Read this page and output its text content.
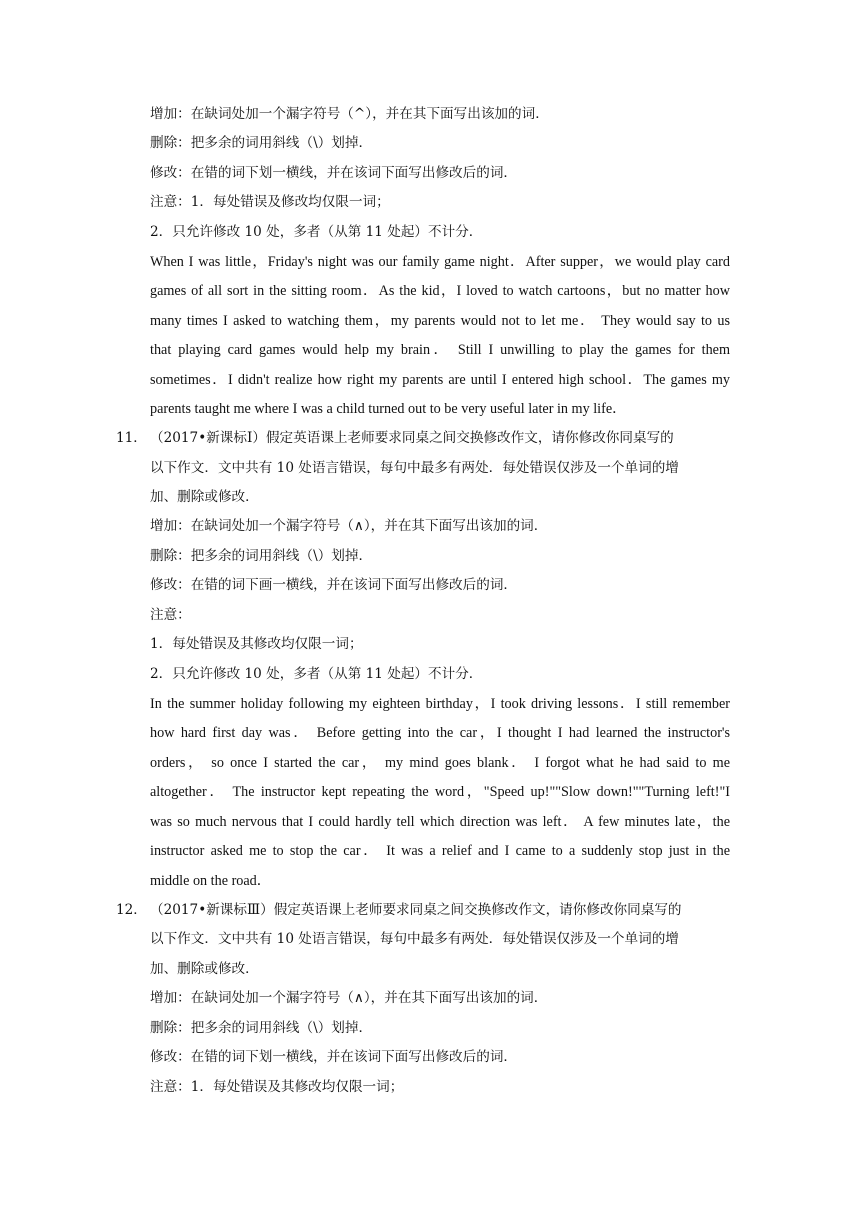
增加：在缺词处加一个漏字符号（^），并在其下面写出该加的词．
删除：把多余的词用斜线（\）划掉．
修改：在错的词下划一横线，并在该词下面写出修改后的词．
注意：1．每处错误及修改均仅限一词；
2．只允许修改 10 处，多者（从第 11 处起）不计分．
When I was little，Friday's night was our family game night．After supper，we would play card
games of all sort in the sitting room．As the kid，I loved to watch cartoons，but no matter how
many times I asked to watching them，my parents would not to let me． They would say to us
that playing card games would help my brain． Still I unwilling to play the games for them
sometimes．I didn't realize how right my parents are until I entered high school．The games my
parents taught me where I was a child turned out to be very useful later in my life．
11． （2017•新课标Ⅰ）假定英语课上老师要求同桌之间交换修改作文，请你修改你同桌写的
以下作文．文中共有 10 处语言错误，每句中最多有两处．每处错误仅涉及一个单词的增
加、删除或修改．
增加：在缺词处加一个漏字符号（∧），并在其下面写出该加的词．
删除：把多余的词用斜线（\）划掉．
修改：在错的词下画一横线，并在该词下面写出修改后的词．
注意：
1．每处错误及其修改均仅限一词；
2．只允许修改 10 处，多者（从第 11 处起）不计分．
In the summer holiday following my eighteen birthday，I took driving lessons．I still remember
how hard first day was． Before getting into the car，I thought I had learned the instructor's
orders， so once I started the car， my mind goes blank． I forgot what he had said to me
altogether． The instructor kept repeating the word，"Speed up!""Slow down!""Turning left!"I
was so much nervous that I could hardly tell which direction was left． A few minutes late，the
instructor asked me to stop the car． It was a relief and I came to a suddenly stop just in the
middle on the road．
12． （2017•新课标Ⅲ）假定英语课上老师要求同桌之间交换修改作文，请你修改你同桌写的
以下作文．文中共有 10 处语言错误，每句中最多有两处．每处错误仅涉及一个单词的增
加、删除或修改．
增加：在缺词处加一个漏字符号（∧），并在其下面写出该加的词．
删除：把多余的词用斜线（\）划掉．
修改：在错的词下划一横线，并在该词下面写出修改后的词．
注意：1．每处错误及其修改均仅限一词；
